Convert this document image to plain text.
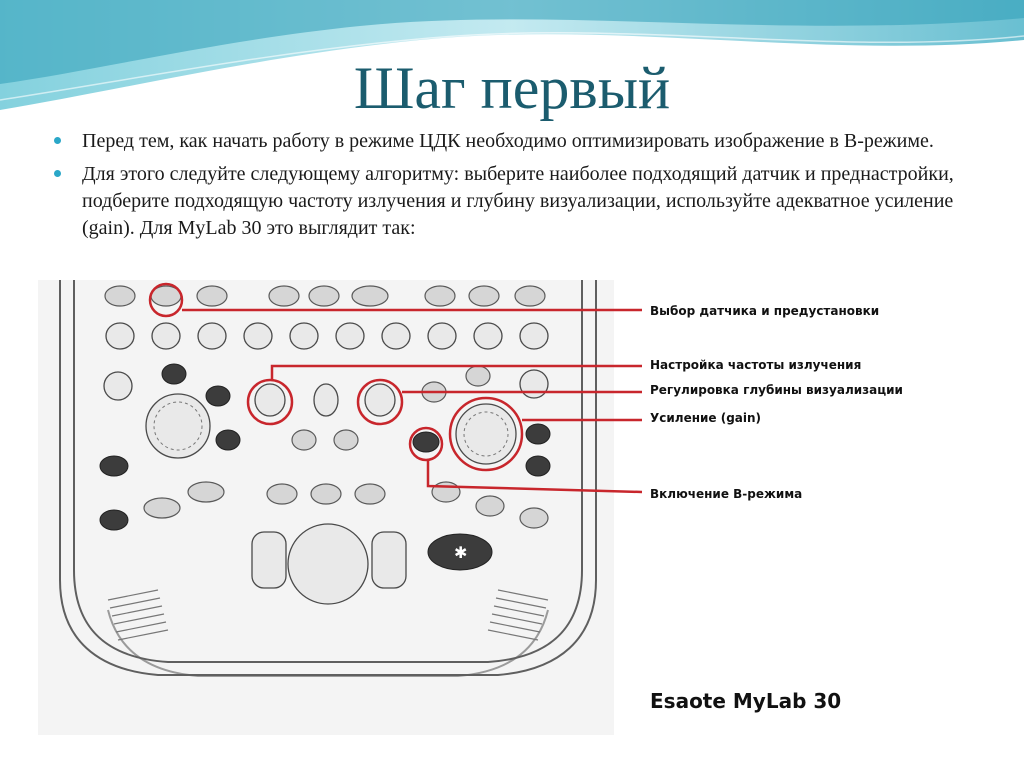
Шаг первый
Перед тем, как начать работу в режиме ЦДК необходимо оптимизировать изображение в В-режиме.
Для этого следуйте следующему алгоритму: выберите наиболее подходящий датчик и преднастройки, подберите подходящую частоту излучения и глубину визуализации, используйте адекватное усиление (gain). Для MyLab 30 это выглядит так:
✱
Выбор датчика и предустановки
Настройка частоты излучения
Регулировка глубины визуализации
Усиление (gain)
Включение В-режима
Esaote MyLab 30
